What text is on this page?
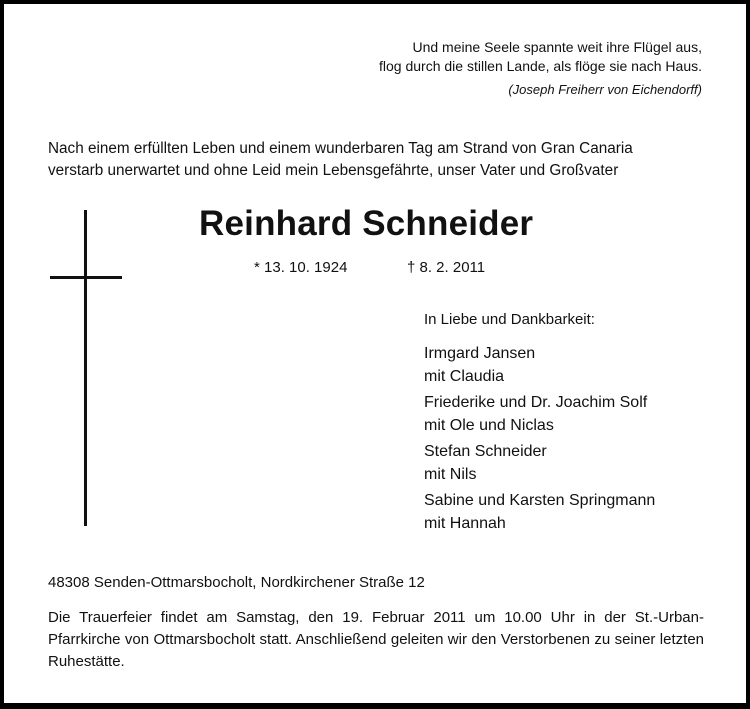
Und meine Seele spannte weit ihre Flügel aus,
flog durch die stillen Lande, als flöge sie nach Haus.
(Joseph Freiherr von Eichendorff)
Nach einem erfüllten Leben und einem wunderbaren Tag am Strand von Gran Canaria
verstarb unerwartet und ohne Leid mein Lebensgefährte, unser Vater und Großvater
Reinhard Schneider
* 13. 10. 1924	† 8. 2. 2011
In Liebe und Dankbarkeit:
Irmgard Jansen
mit Claudia
Friederike und Dr. Joachim Solf
mit Ole und Niclas
Stefan Schneider
mit Nils
Sabine und Karsten Springmann
mit Hannah
48308 Senden-Ottmarsbocholt, Nordkirchener Straße 12
Die Trauerfeier findet am Samstag, den 19. Februar 2011 um 10.00 Uhr in der St.-Urban-Pfarrkirche von Ottmarsbocholt statt. Anschließend geleiten wir den Verstorbenen zu seiner letzten Ruhestätte.
